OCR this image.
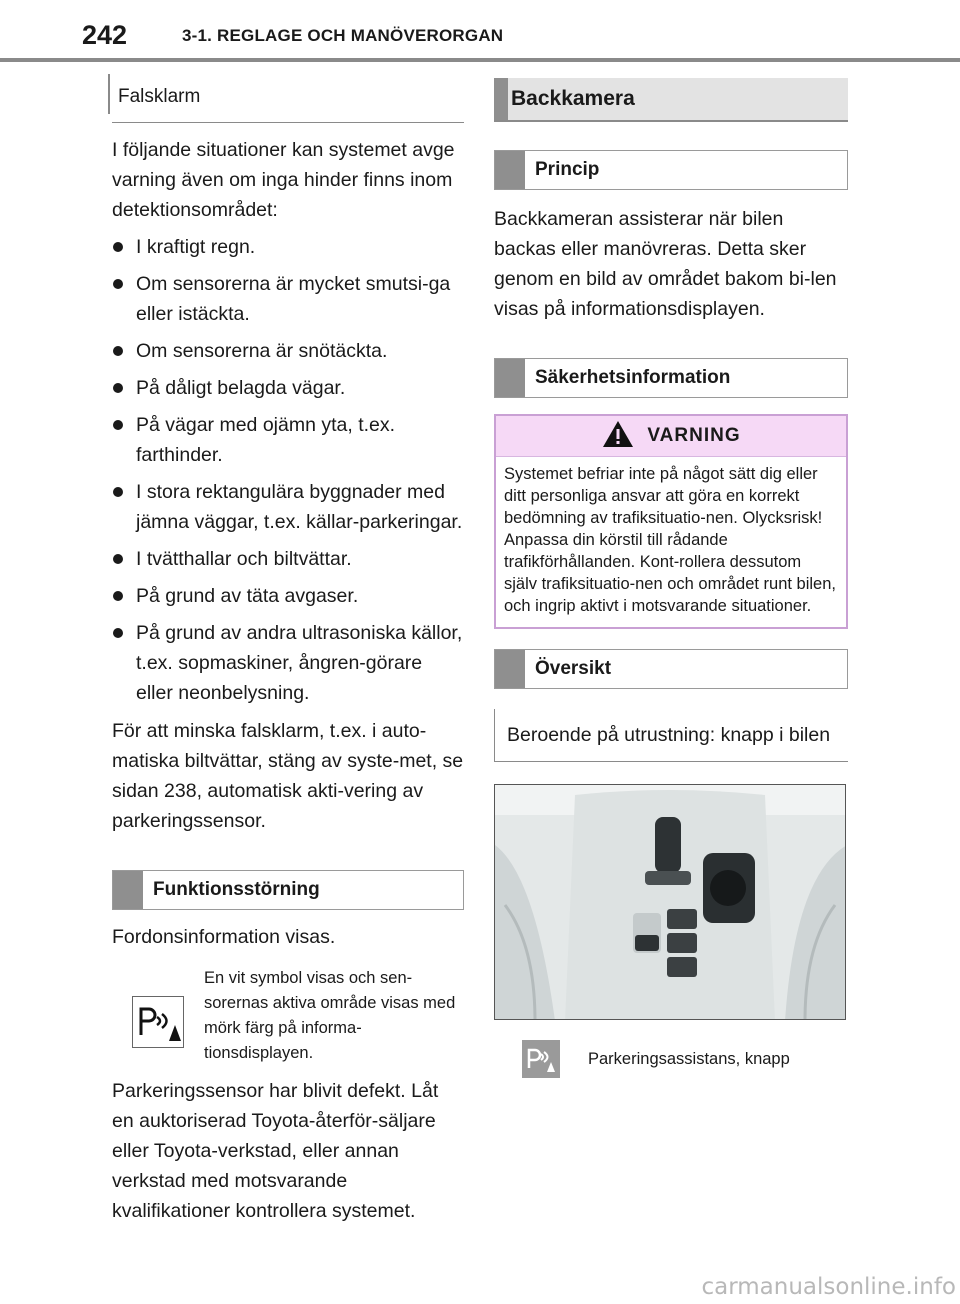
242	3-1. REGLAGE OCH MANÖVERORGAN
Falsklarm

I följande situationer kan systemet avge varning även om inga hinder finns inom detektionsområdet:

I kraftigt regn.
Om sensorerna är mycket smutsi-ga eller istäckta.
Om sensorerna är snötäckta.
På dåligt belagda vägar.
På vägar med ojämn yta, t.ex. farthinder.
I stora rektangulära byggnader med jämna väggar, t.ex. källar-parkeringar.
I tvätthallar och biltvättar.
På grund av täta avgaser.
På grund av andra ultrasoniska källor, t.ex. sopmaskiner, ångren-görare eller neonbelysning.

För att minska falsklarm, t.ex. i auto-matiska biltvättar, stäng av syste-met, se sidan 238, automatisk akti-vering av parkeringssensor.

Funktionsstörning

Fordonsinformation visas.

En vit symbol visas och sen-sorernas aktiva område visas med mörk färg på informa-tionsdisplayen.

Parkeringssensor har blivit defekt. Låt en auktoriserad Toyota-återför-säljare eller Toyota-verkstad, eller annan verkstad med motsvarande kvalifikationer kontrollera systemet.

Backkamera
Princip

Backkameran assisterar när bilen backas eller manövreras. Detta sker genom en bild av området bakom bi-len visas på informationsdisplayen.

Säkerhetsinformation
VARNING
Systemet befriar inte på något sätt dig eller ditt personliga ansvar att göra en korrekt bedömning av trafiksituatio-nen. Olycksrisk! Anpassa din körstil till rådande trafikförhållanden. Kont-rollera dessutom själv trafiksituatio-nen och området runt bilen, och ingrip aktivt i motsvarande situationer.
Översikt
Beroende på utrustning: knapp i bilen
Parkeringsassistans, knapp
carmanualsonline.info
